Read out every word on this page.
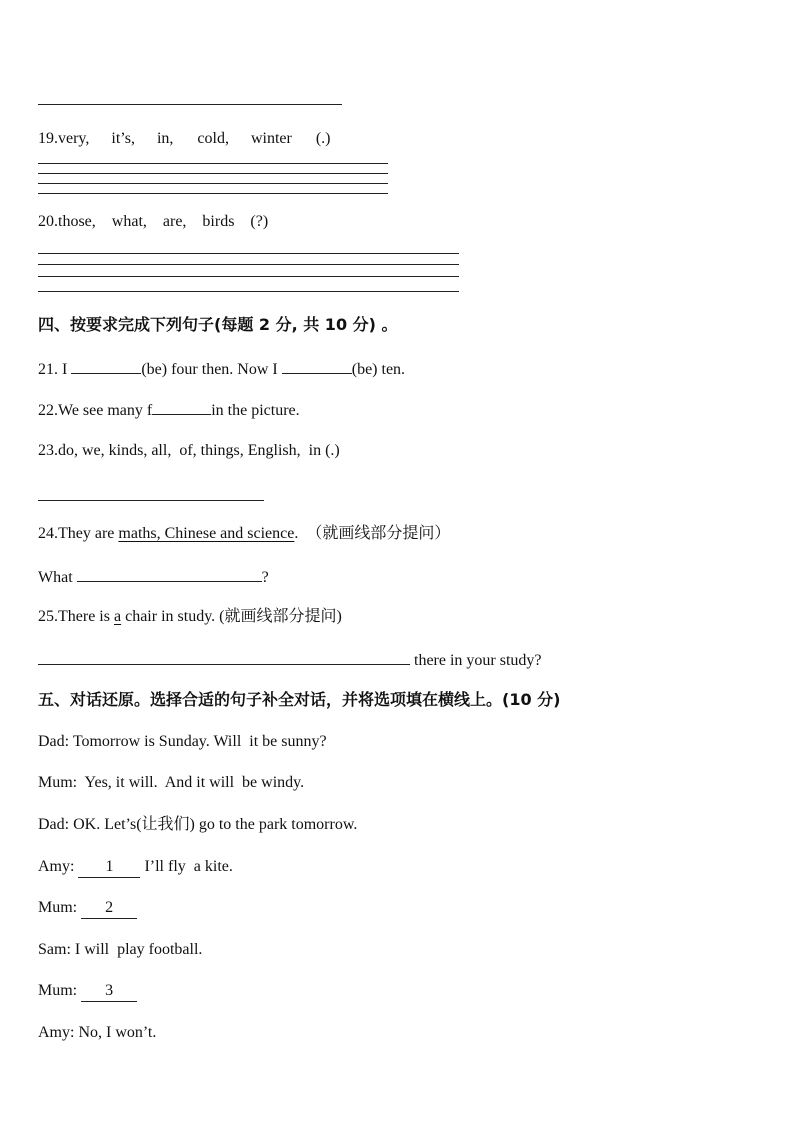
19.very, it’s, in, cold, winter (.)
20.those, what, are, birds (?)
四、按要求完成下列句子(每题 2 分, 共 10 分) 。
21. I	(be) four then. Now I	(be) ten.
22.We see many f	in the picture.
23.do, we, kinds, all,  of, things, English,  in (.)
24.They are maths, Chinese and science.  （就画线部分提问）
What	?
25.There is a chair in study. (就画线部分提问)
there in your study?
五、对话还原。选择合适的句子补全对话，并将选项填在横线上。(10 分)
Dad: Tomorrow is Sunday. Will  it be sunny?
Mum:  Yes, it will.  And it will  be windy.
Dad: OK. Let’s(让我们) go to the park tomorrow.
Amy: 1 I’ll fly  a kite.
Mum: 2
Sam: I will  play football.
Mum: 3
Amy: No, I won’t.
